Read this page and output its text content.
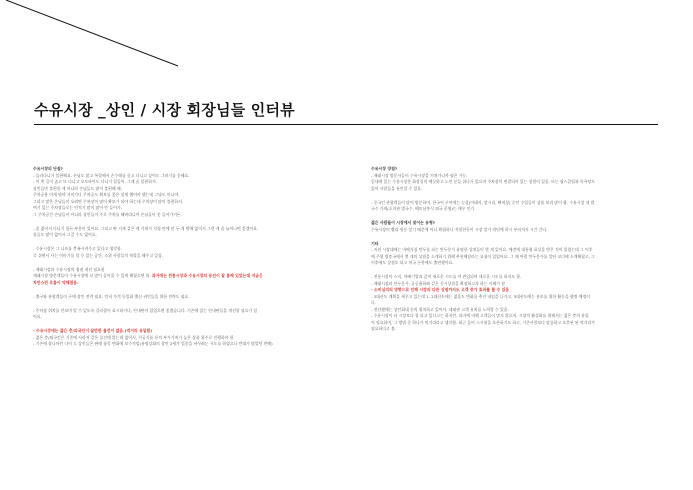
수유시장 _상인 / 시장 회장님들 인터뷰
수유시장의 단점?
- 둘러다니기 불편해요. 손님도 많고 복잡해서 손수레를 끌고 다니고 싶어도 그러기를 못해요.
- 이 쪽 길이 좁고 또 다니고 오토바이도 다니기 힘들어. 그게 좀 불편하지.
상인들만 불편한 게 아니라 손님들도 많이 불편해 해.
주차공용 이게 뭐야 거의가다 주차공도 확보를 좋은 설계 했어야 했는데 그냥도 아니야.
그리고 많은 손님들이 오려면 주차장이 많이 확보가 되야 하는데 주차장이 많이 불편하지.
여기 있는 주차장들로는 턴적기 많이 많아 안 들어가.
그 주차공간 손님들이 아니라 상인들이 주로 주차를 해버리니까 손님들이 못 들어가거든.
- 좀 젊어서 다니기 힘든 부분이 있어요. 그리고 딴 거게 같은 게 가게가 지정 안에 안 두 게 밖에 없어서 그런 게 좀 늘어나면 좋겠어요.
물류도 많이 없어서 그걸 수도 없어요.
- 수유시장은 그 니즈를 충족시켜주고 있다고 생각함.
즉 쉬면서 사는 이마기를 할 수 있는 공간, 소위 사람들의 역할을 해주고 있음.
- 재래시장과 수유시장의 접점 개선 필요함
재래시장 방문객들이 수유시장에 더 많이 들어올 수 있게 해줬으면 함. 과거에는 전통시장과 수유시장의 동선이 잘 통해 있었는데 지금은
차만스런 흐름이 약해졌음.
- 출구와 관광객들이 구매 장인 전략 필요. 먼저 가격 등일화 출신 귀빈들을 위한 전략도 필요.
- 주차장 위치를 안보며 알 수 있도록 길라잡이 표시하거나, 안내판이 있었으면 좋겠습니다. 기존에 있는 안내판들을 개선할 필요가 있
어요.
- 수유시장에는 젊은 층/외국인이 살만한 물건이 없음.(먹거리 유일함)
- 젊은 층/외국인은 기존에 사라져 같은 물건에 않는데 없어서, 가공식품 등의 부가가치가 높은 상품 위주로 진행하야 함
- 기존에 잘나마던 나이 드 상인들은 판매 품목 변화에 보수적임(유명상회의 상인 2세가 업종을 바꾸려는 시도를 하였으나 반대가 많았던 반례)
수유시장 장점?
- 재래시장 방문자들이 수유시장을 거쳐가니까 평은 가능.
일내에 있는 수유시장은 화장실이 깨끗하고 노인 분들 쉬다가 있으며 주차장이 연결되어 있는 장점이 있음. 또는 필스클럽과 목욕탕도
있어 사람들을 유인할 수 있음.
- 중국인 관광객들이 많이 방문하며, 한국어 구어에는 능상(이태서, 말시리, 뻐쳐상) 중인 수입들이 상품 보러 많이 왕. 수유시장 내 발
국수 가게(호지관 발국수, 베트남풍식 외국 운영)는 매우 인기.
젊은 사람들이 시장에서 찾이는 유형?
수유시장이 빨리 원동 앞기 때문에 아니 확립하나 적합한듯이 시장 앞가 작년에 하시 부러져서 시간 간다.
기타
- 지원 시장대에는 마베가칩 만두를 파는 만두몽가 유명한 상점들이 몇 개 있어요. 예전에 대통령 표상을 받은 적이 있었는데 그 이후
에 주위 방송국에서 몇 개의 상점을 소개하기 위해 추천해달라는 요청이 있었어요. 그 때 여럿 만두몽가를 일단 코너에 소개해줬고, 그
이후에도 상점도 되고 의국 돈항에도 출연했어요.
- 전통시장이 스지, 마배기업과 같이 새로운 시도를 이 관입되며 새로운 시도를 하지도 함.
- 재래시장과 만두몽가, 공공흡하와 같은 신시상점을 확장하고자 하는 사례가 잠
- 소비심리의 영향으로 인해 시장의 다른 상점까지도 고객 증가 효과를 볼 수 있음
- 3대산도 계획을 세우고 있는데 1. 2대산도에는 젊음도 변화를 추진 내임을 나가고, 3대산도에는 홍보를 위한 활동을 했정 예정이
다.
- 전산했에는 상인회대 등의 위치하고 있어서, 대대관 고객 유치를 노력할 수 있음.
- 수유시장이 타 시장보다 칠 되고 있다고는 하지만, 과거에 비해 고객들이 많지 않으며. 시장의 활성화를 위해서는 젊은 층의 유입
이 필요하며, 그 방법 중 하나가 먹거리라고 생각함. 최근 들어 스시점을 오픈하기도 하고, 기존사람보다 말끔하고 오후된 된 먹거리가
필요하다고 봄.
